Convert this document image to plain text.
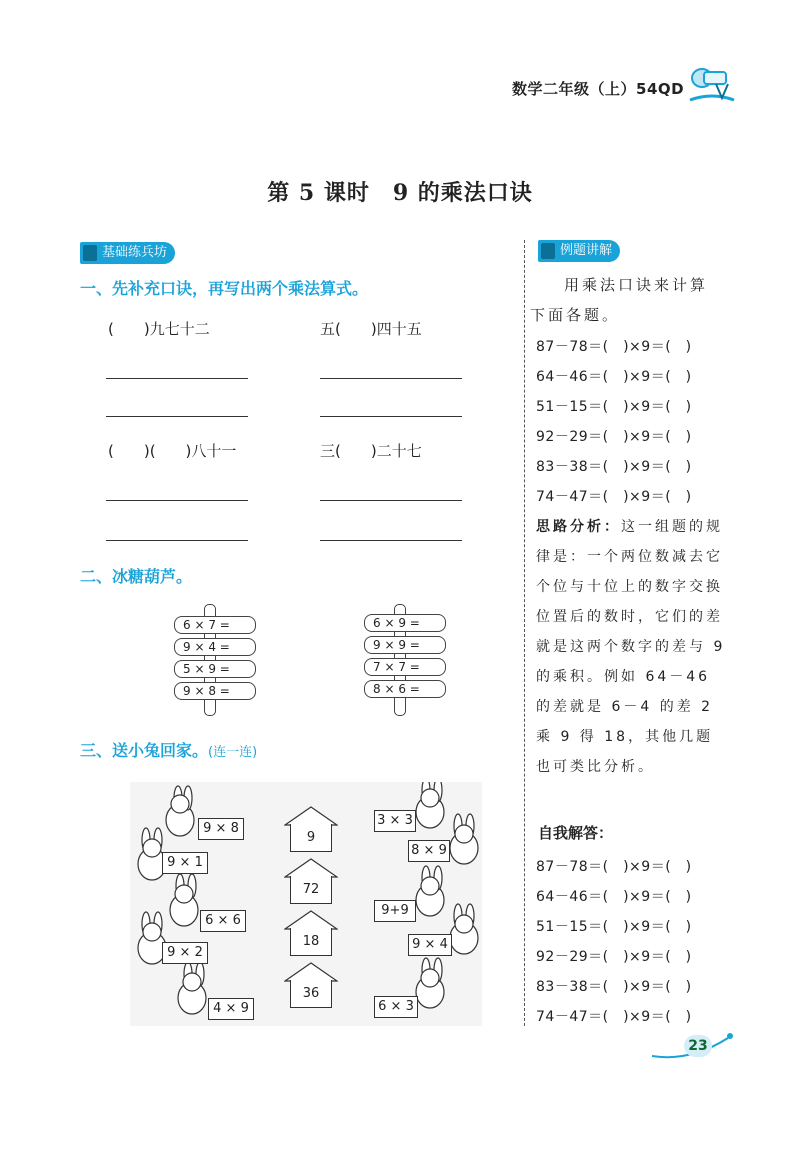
数学二年级（上）54QD
第 5 课时　9 的乘法口诀
基础练兵坊
一、先补充口诀，再写出两个乘法算式。
(　　)九七十二	五(　　)四十五
(　　)(　　)八十一	三(　　)二十七
二、冰糖葫芦。
6 × 7 =
9 × 4 =
5 × 9 =
9 × 8 =
6 × 9 =
9 × 9 =
7 × 7 =
8 × 6 =
三、送小兔回家。(连一连)
9 × 8
9 × 1
6 × 6
9 × 2
4 × 9
9
72
18
36
3 × 3
8 × 9
9+9
9 × 4
6 × 3
例题讲解
用乘法口诀来计算下面各题。
87－78＝(　)×9＝(　)
64－46＝(　)×9＝(　)
51－15＝(　)×9＝(　)
92－29＝(　)×9＝(　)
83－38＝(　)×9＝(　)
74－47＝(　)×9＝(　)
思路分析：这一组题的规律是：一个两位数减去它个位与十位上的数字交换位置后的数时，它们的差就是这两个数字的差与 9 的乘积。例如 64－46 的差就是 6－4 的差 2 乘 9 得 18，其他几题也可类比分析。
自我解答：
87－78＝(　)×9＝(　)
64－46＝(　)×9＝(　)
51－15＝(　)×9＝(　)
92－29＝(　)×9＝(　)
83－38＝(　)×9＝(　)
74－47＝(　)×9＝(　)
23
